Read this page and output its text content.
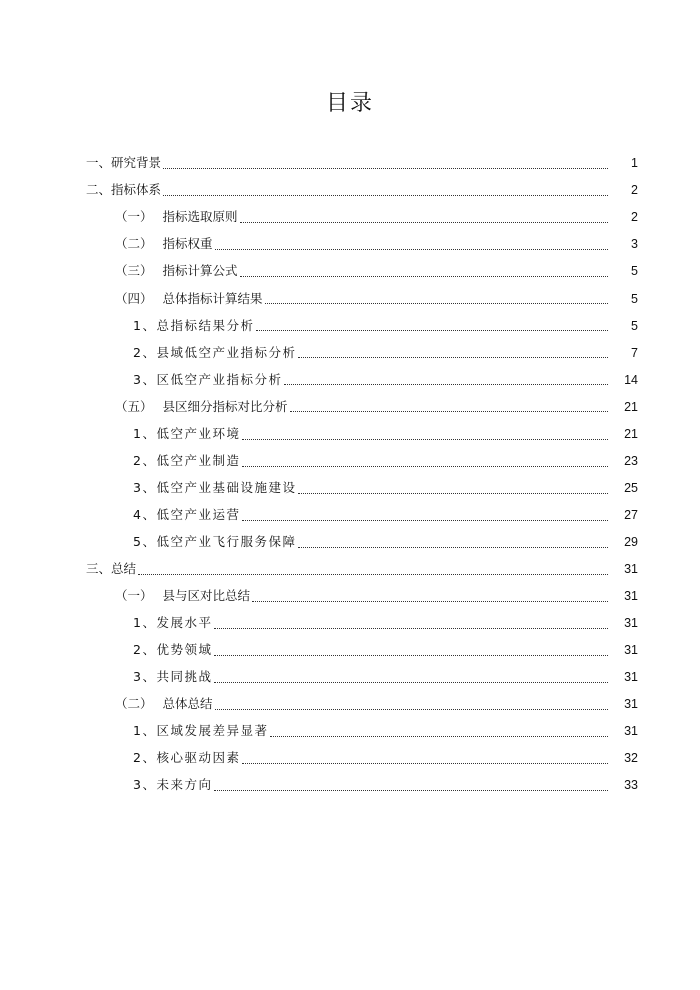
目录
一、 研究背景	1
二、 指标体系	2
（一） 指标选取原则	2
（二） 指标权重	3
（三） 指标计算公式	5
（四） 总体指标计算结果	5
1、 总指标结果分析	5
2、 县域低空产业指标分析	7
3、 区低空产业指标分析	14
（五） 县区细分指标对比分析	21
1、 低空产业环境	21
2、 低空产业制造	23
3、 低空产业基础设施建设	25
4、 低空产业运营	27
5、 低空产业飞行服务保障	29
三、 总结	31
（一） 县与区对比总结	31
1、 发展水平	31
2、 优势领域	31
3、 共同挑战	31
（二） 总体总结	31
1、 区域发展差异显著	31
2、 核心驱动因素	32
3、 未来方向	33
